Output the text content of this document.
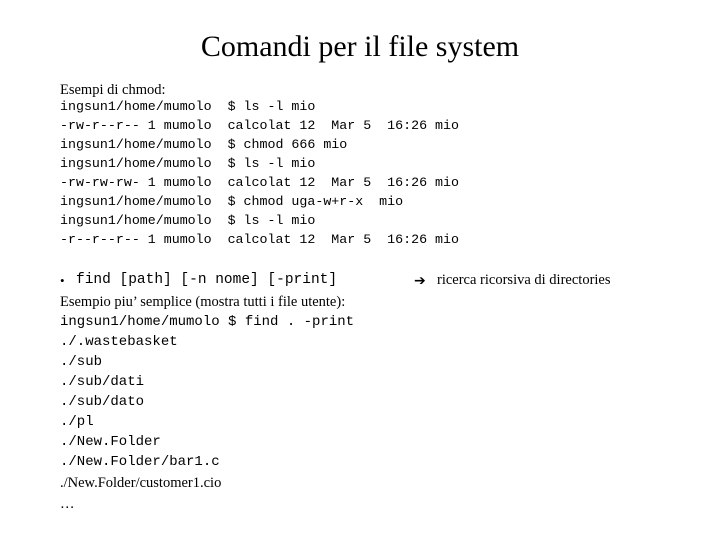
Comandi per il file system
Esempi di chmod:
ingsun1/home/mumolo  $ ls -l mio
-rw-r--r-- 1 mumolo  calcolat 12  Mar 5  16:26 mio
ingsun1/home/mumolo  $ chmod 666 mio
ingsun1/home/mumolo  $ ls -l mio
-rw-rw-rw- 1 mumolo  calcolat 12  Mar 5  16:26 mio
ingsun1/home/mumolo  $ chmod uga-w+r-x  mio
ingsun1/home/mumolo  $ ls -l mio
-r--r--r-- 1 mumolo  calcolat 12  Mar 5  16:26 mio
• find [path] [-n nome] [-print]	➔ ricerca ricorsiva di directories
Esempio piu’ semplice (mostra tutti i file utente):
ingsun1/home/mumolo $ find . -print
./.wastebasket
./sub
./sub/dati
./sub/dato
./pl
./New.Folder
./New.Folder/bar1.c
./New.Folder/customer1.cio
…
